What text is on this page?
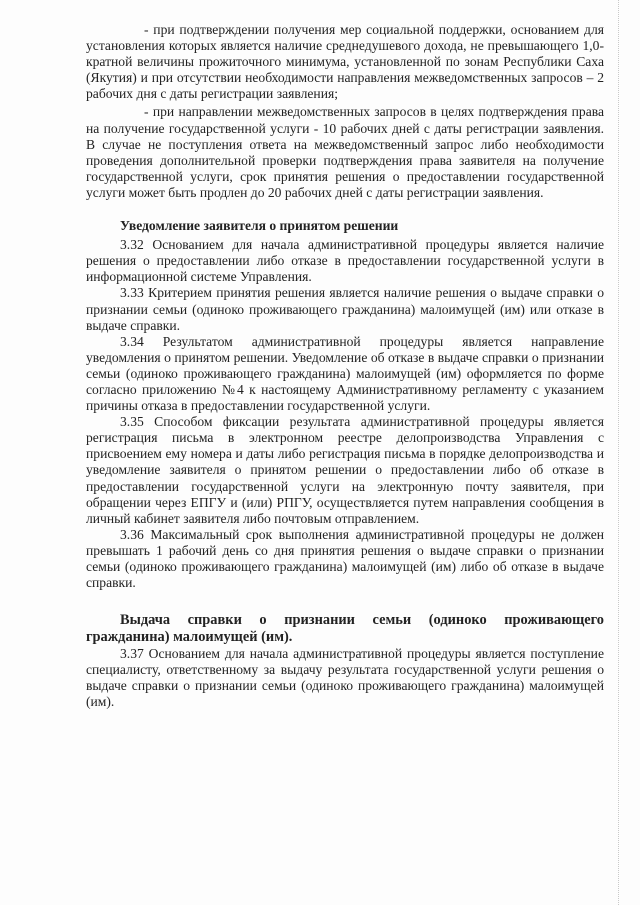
- при подтверждении получения мер социальной поддержки, основанием для установления которых является наличие среднедушевого дохода, не превышающего 1,0-кратной величины прожиточного минимума, установленной по зонам Республики Саха (Якутия) и при отсутствии необходимости направления межведомственных запросов – 2 рабочих дня с даты регистрации заявления;

- при направлении межведомственных запросов в целях подтверждения права на получение государственной услуги - 10 рабочих дней с даты регистрации заявления. В случае не поступления ответа на межведомственный запрос либо необходимости проведения дополнительной проверки подтверждения права заявителя на получение государственной услуги, срок принятия решения о предоставлении государственной услуги может быть продлен до 20 рабочих дней с даты регистрации заявления.

Уведомление заявителя о принятом решении

3.32 Основанием для начала административной процедуры является наличие решения о предоставлении либо отказе в предоставлении государственной услуги в информационной системе Управления.

3.33 Критерием принятия решения является наличие решения о выдаче справки о признании семьи (одиноко проживающего гражданина) малоимущей (им) или отказе в выдаче справки.

3.34 Результатом административной процедуры является направление уведомления о принятом решении. Уведомление об отказе в выдаче справки о признании семьи (одиноко проживающего гражданина) малоимущей (им) оформляется по форме согласно приложению №4 к настоящему Административному регламенту с указанием причины отказа в предоставлении государственной услуги.

3.35 Способом фиксации результата административной процедуры является регистрация письма в электронном реестре делопроизводства Управления с присвоением ему номера и даты либо регистрация письма в порядке делопроизводства и уведомление заявителя о принятом решении о предоставлении либо об отказе в предоставлении государственной услуги на электронную почту заявителя, при обращении через ЕПГУ и (или) РПГУ, осуществляется путем направления сообщения в личный кабинет заявителя либо почтовым отправлением.

3.36 Максимальный срок выполнения административной процедуры не должен превышать 1 рабочий день со дня принятия решения о выдаче справки о признании семьи (одиноко проживающего гражданина) малоимущей (им) либо об отказе в выдаче справки.

Выдача справки о признании семьи (одиноко проживающего гражданина) малоимущей (им).

3.37 Основанием для начала административной процедуры является поступление специалисту, ответственному за выдачу результата государственной услуги решения о выдаче справки о признании семьи (одиноко проживающего гражданина) малоимущей (им).
